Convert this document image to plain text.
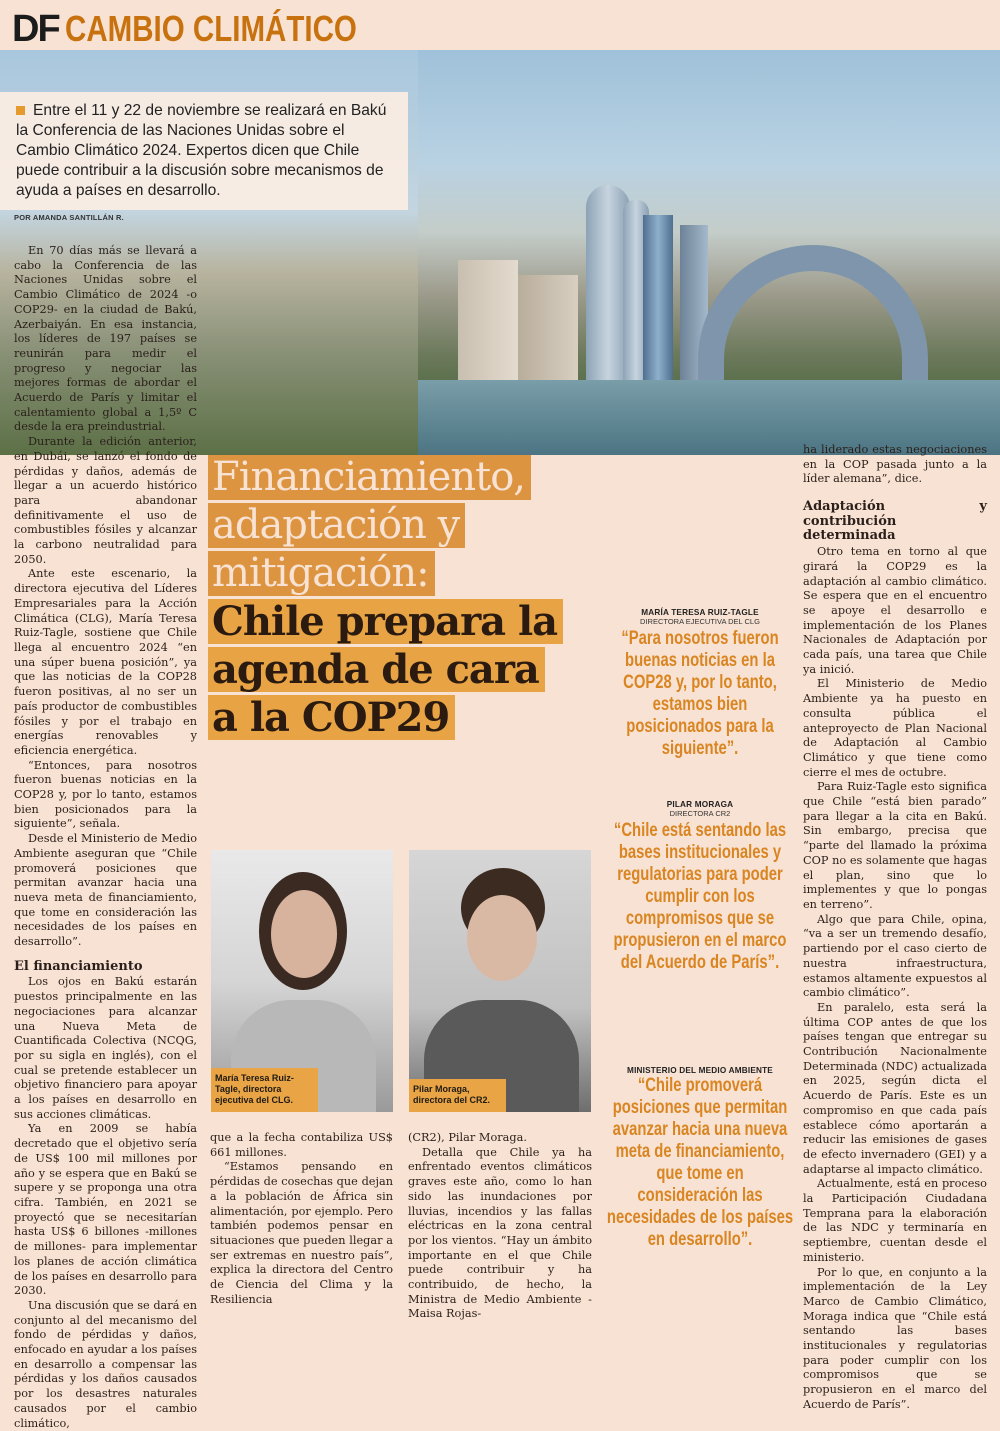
DF CAMBIO CLIMÁTICO
Entre el 11 y 22 de noviembre se realizará en Bakú la Conferencia de las Naciones Unidas sobre el Cambio Climático 2024. Expertos dicen que Chile puede contribuir a la discusión sobre mecanismos de ayuda a países en desarrollo.
POR AMANDA SANTILLÁN R.

En 70 días más se llevará a cabo la Conferencia de las Naciones Unidas sobre el Cambio Climático de 2024 -o COP29- en la ciudad de Bakú, Azerbaiyán. En esa instancia, los líderes de 197 países se reunirán para medir el progreso y negociar las mejores formas de abordar el Acuerdo de París y limitar el calentamiento global a 1,5º C desde la era preindustrial.

Durante la edición anterior, en Dubái, se lanzó el fondo de pérdidas y daños, además de llegar a un acuerdo histórico para abandonar definitivamente el uso de combustibles fósiles y alcanzar la carbono neutralidad para 2050.

Ante este escenario, la directora ejecutiva del Líderes Empresariales para la Acción Climática (CLG), María Teresa Ruiz-Tagle, sostiene que Chile llega al encuentro 2024 “en una súper buena posición”, ya que las noticias de la COP28 fueron positivas, al no ser un país productor de combustibles fósiles y por el trabajo en energías renovables y eficiencia energética.

“Entonces, para nosotros fueron buenas noticias en la COP28 y, por lo tanto, estamos bien posicionados para la siguiente”, señala.

Desde el Ministerio de Medio Ambiente aseguran que “Chile promoverá posiciones que permitan avanzar hacia una nueva meta de financiamiento, que tome en consideración las necesidades de los países en desarrollo”.

El financiamiento

Los ojos en Bakú estarán puestos principalmente en las negociaciones para alcanzar una Nueva Meta de Cuantificada Colectiva (NCQG, por su sigla en inglés), con el cual se pretende establecer un objetivo financiero para apoyar a los países en desarrollo en sus acciones climáticas.

Ya en 2009 se había decretado que el objetivo sería de US$ 100 mil millones por año y se espera que en Bakú se supere y se proponga una otra cifra. También, en 2021 se proyectó que se necesitarían hasta US$ 6 billones -millones de millones- para implementar los planes de acción climática de los países en desarrollo para 2030.

Una discusión que se dará en conjunto al del mecanismo del fondo de pérdidas y daños, enfocado en ayudar a los países en desarrollo a compensar las pérdidas y los daños causados por los desastres naturales causados por el cambio climático,

Financiamiento,
adaptación y
mitigación:
Chile prepara la
agenda de cara
a la COP29
MARÍA TERESA RUIZ-TAGLE
DIRECTORA EJECUTIVA DEL CLG
“Para nosotros fueron buenas noticias en la COP28 y, por lo tanto, estamos bien posicionados para la siguiente”.
PILAR MORAGA
DIRECTORA CR2
“Chile está sentando las bases institucionales y regulatorias para poder cumplir con los compromisos que se propusieron en el marco del Acuerdo de París”.
MINISTERIO DEL MEDIO AMBIENTE
“Chile promoverá posiciones que permitan avanzar hacia una nueva meta de financiamiento, que tome en consideración las necesidades de los países en desarrollo”.
María Teresa Ruiz-Tagle, directora ejecutiva del CLG.
Pilar Moraga, directora del CR2.

que a la fecha contabiliza US$ 661 millones.

“Estamos pensando en pérdidas de cosechas que dejan a la población de África sin alimentación, por ejemplo. Pero también podemos pensar en situaciones que pueden llegar a ser extremas en nuestro país”, explica la directora del Centro de Ciencia del Clima y la Resiliencia

(CR2), Pilar Moraga.

Detalla que Chile ya ha enfrentado eventos climáticos graves este año, como lo han sido las inundaciones por lluvias, incendios y las fallas eléctricas en la zona central por los vientos. “Hay un ámbito importante en el que Chile puede contribuir y ha contribuido, de hecho, la Ministra de Medio Ambiente -Maisa Rojas-

ha liderado estas negociaciones en la COP pasada junto a la líder alemana”, dice.

Adaptación y contribución determinada

Otro tema en torno al que girará la COP29 es la adaptación al cambio climático. Se espera que en el encuentro se apoye el desarrollo e implementación de los Planes Nacionales de Adaptación por cada país, una tarea que Chile ya inició.

El Ministerio de Medio Ambiente ya ha puesto en consulta pública el anteproyecto de Plan Nacional de Adaptación al Cambio Climático y que tiene como cierre el mes de octubre.

Para Ruiz-Tagle esto significa que Chile “está bien parado” para llegar a la cita en Bakú. Sin embargo, precisa que “parte del llamado la próxima COP no es solamente que hagas el plan, sino que lo implementes y que lo pongas en terreno”.

Algo que para Chile, opina, “va a ser un tremendo desafío, partiendo por el caso cierto de nuestra infraestructura, estamos altamente expuestos al cambio climático”.

En paralelo, esta será la última COP antes de que los países tengan que entregar su Contribución Nacionalmente Determinada (NDC) actualizada en 2025, según dicta el Acuerdo de París. Este es un compromiso en que cada país establece cómo aportarán a reducir las emisiones de gases de efecto invernadero (GEI) y a adaptarse al impacto climático.

Actualmente, está en proceso la Participación Ciudadana Temprana para la elaboración de las NDC y terminaría en septiembre, cuentan desde el ministerio.

Por lo que, en conjunto a la implementación de la Ley Marco de Cambio Climático, Moraga indica que “Chile está sentando las bases institucionales y regulatorias para poder cumplir con los compromisos que se propusieron en el marco del Acuerdo de París”.
